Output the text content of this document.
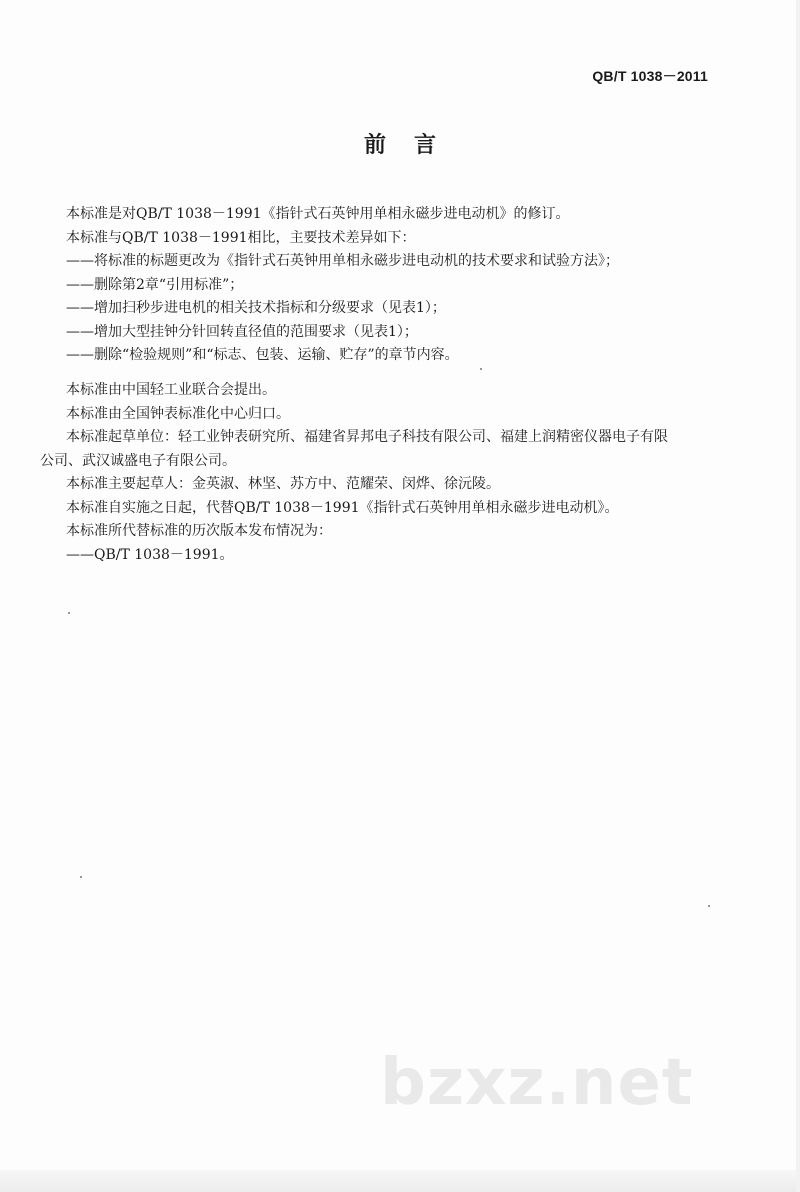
QB/T 1038－2011
前言

本标准是对QB/T 1038－1991《指针式石英钟用单相永磁步进电动机》的修订。

本标准与QB/T 1038－1991相比，主要技术差异如下：

——将标准的标题更改为《指针式石英钟用单相永磁步进电动机的技术要求和试验方法》；

——删除第2章“引用标准”；

——增加扫秒步进电机的相关技术指标和分级要求（见表1）；

——增加大型挂钟分针回转直径值的范围要求（见表1）；

——删除“检验规则”和“标志、包装、运输、贮存”的章节内容。

本标准由中国轻工业联合会提出。

本标准由全国钟表标准化中心归口。

本标准起草单位：轻工业钟表研究所、福建省昇邦电子科技有限公司、福建上润精密仪器电子有限

公司、武汉诚盛电子有限公司。

本标准主要起草人：金英淑、林坚、苏方中、范耀荣、闵烨、徐沅陵。

本标准自实施之日起，代替QB/T 1038－1991《指针式石英钟用单相永磁步进电动机》。

本标准所代替标准的历次版本发布情况为：

——QB/T 1038－1991。

bzxz.net
